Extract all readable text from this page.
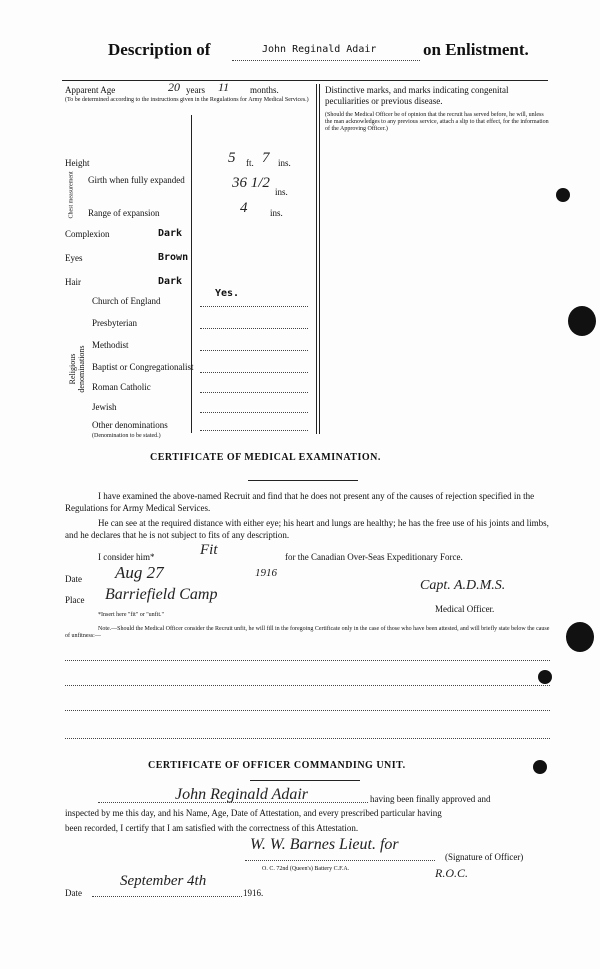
Description of	John Reginald Adair	on Enlistment.
Apparent Age	20 years 11 months.
(To be determined according to the instructions given in the Regulations for Army Medical Services.)
Distinctive marks, and marks indicating congenital peculiarities or previous disease.
(Should the Medical Officer be of opinion that the recruit has served before, he will, unless the man acknowledges to any previous service, attach a slip to that effect, for the information of the Approving Officer.)
Height	5 ft. 7 ins.
Chest measurement Girth when fully expanded	36 1/2
ins.
Range of expansion	4	ins.
Complexion	Dark
Eyes	Brown
Hair	Dark
Religious denominations
Church of England
Yes.
Presbyterian
Methodist
Baptist or Congregationalist
Roman Catholic
Jewish
Other denominations
(Denomination to be stated.)
CERTIFICATE OF MEDICAL EXAMINATION.
I have examined the above-named Recruit and find that he does not present any of the causes of rejection specified in the Regulations for Army Medical Services.
He can see at the required distance with either eye; his heart and lungs are healthy; he has the free use of his joints and limbs, and he declares that he is not subject to fits of any description.
I consider him*	Fit	for the Canadian Over-Seas Expeditionary Force.
Date Aug 27	1916
Place Barriefield Camp
Capt. A.D.M.S.
Medical Officer.
*Insert here "fit" or "unfit."
Note.—Should the Medical Officer consider the Recruit unfit, he will fill in the foregoing Certificate only in the case of those who have been attested, and will briefly state below the cause of unfitness:—
CERTIFICATE OF OFFICER COMMANDING UNIT.
John Reginald Adair	having been finally approved and
inspected by me this day, and his Name, Age, Date of Attestation, and every prescribed particular having
been recorded, I certify that I am satisfied with the correctness of this Attestation.
W. W. Barnes Lieut. for
(Signature of Officer)
O. C. 72nd (Queen's) Battery C.F.A.	R.O.C.
Date
September 4th
1916.
